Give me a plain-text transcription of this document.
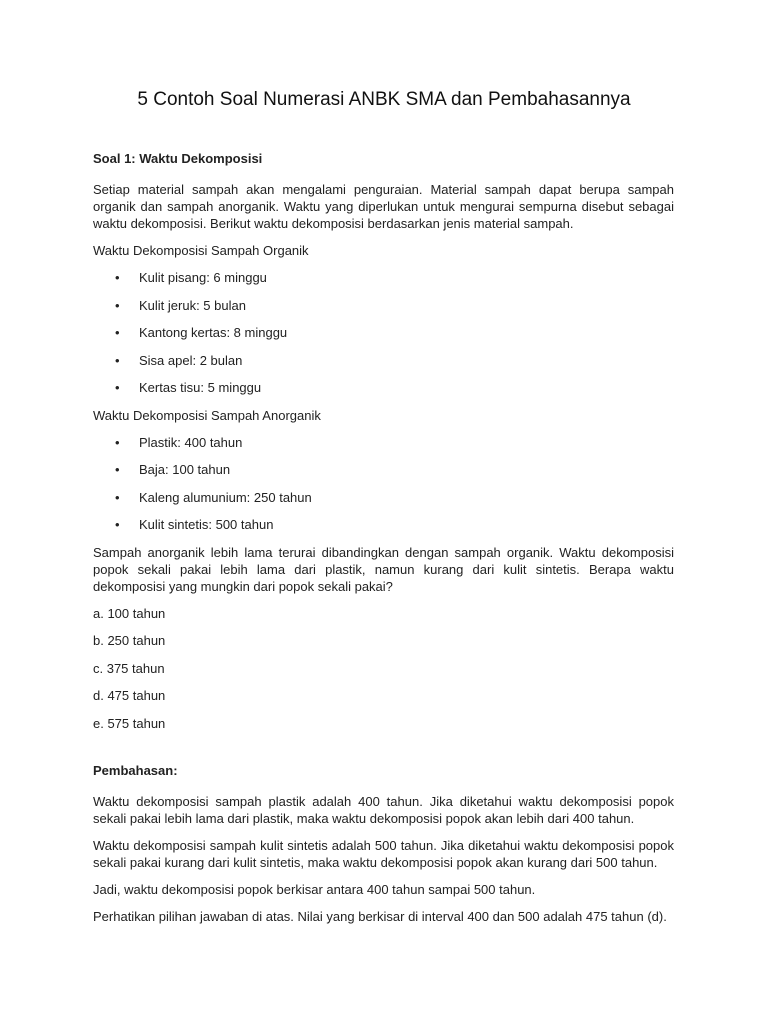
5 Contoh Soal Numerasi ANBK SMA dan Pembahasannya
Soal 1: Waktu Dekomposisi

Setiap material sampah akan mengalami penguraian. Material sampah dapat berupa sampah organik dan sampah anorganik. Waktu yang diperlukan untuk mengurai sempurna disebut sebagai waktu dekomposisi. Berikut waktu dekomposisi berdasarkan jenis material sampah.

Waktu Dekomposisi Sampah Organik

• Kulit pisang: 6 minggu
• Kulit jeruk: 5 bulan
• Kantong kertas: 8 minggu
• Sisa apel: 2 bulan
• Kertas tisu: 5 minggu

Waktu Dekomposisi Sampah Anorganik

• Plastik: 400 tahun
• Baja: 100 tahun
• Kaleng alumunium: 250 tahun
• Kulit sintetis: 500 tahun

Sampah anorganik lebih lama terurai dibandingkan dengan sampah organik. Waktu dekomposisi popok sekali pakai lebih lama dari plastik, namun kurang dari kulit sintetis. Berapa waktu dekomposisi yang mungkin dari popok sekali pakai?

a. 100 tahun
b. 250 tahun
c. 375 tahun
d. 475 tahun
e. 575 tahun
Pembahasan:

Waktu dekomposisi sampah plastik adalah 400 tahun. Jika diketahui waktu dekomposisi popok sekali pakai lebih lama dari plastik, maka waktu dekomposisi popok akan lebih dari 400 tahun.

Waktu dekomposisi sampah kulit sintetis adalah 500 tahun. Jika diketahui waktu dekomposisi popok sekali pakai kurang dari kulit sintetis, maka waktu dekomposisi popok akan kurang dari 500 tahun.

Jadi, waktu dekomposisi popok berkisar antara 400 tahun sampai 500 tahun.

Perhatikan pilihan jawaban di atas. Nilai yang berkisar di interval 400 dan 500 adalah 475 tahun (d).
